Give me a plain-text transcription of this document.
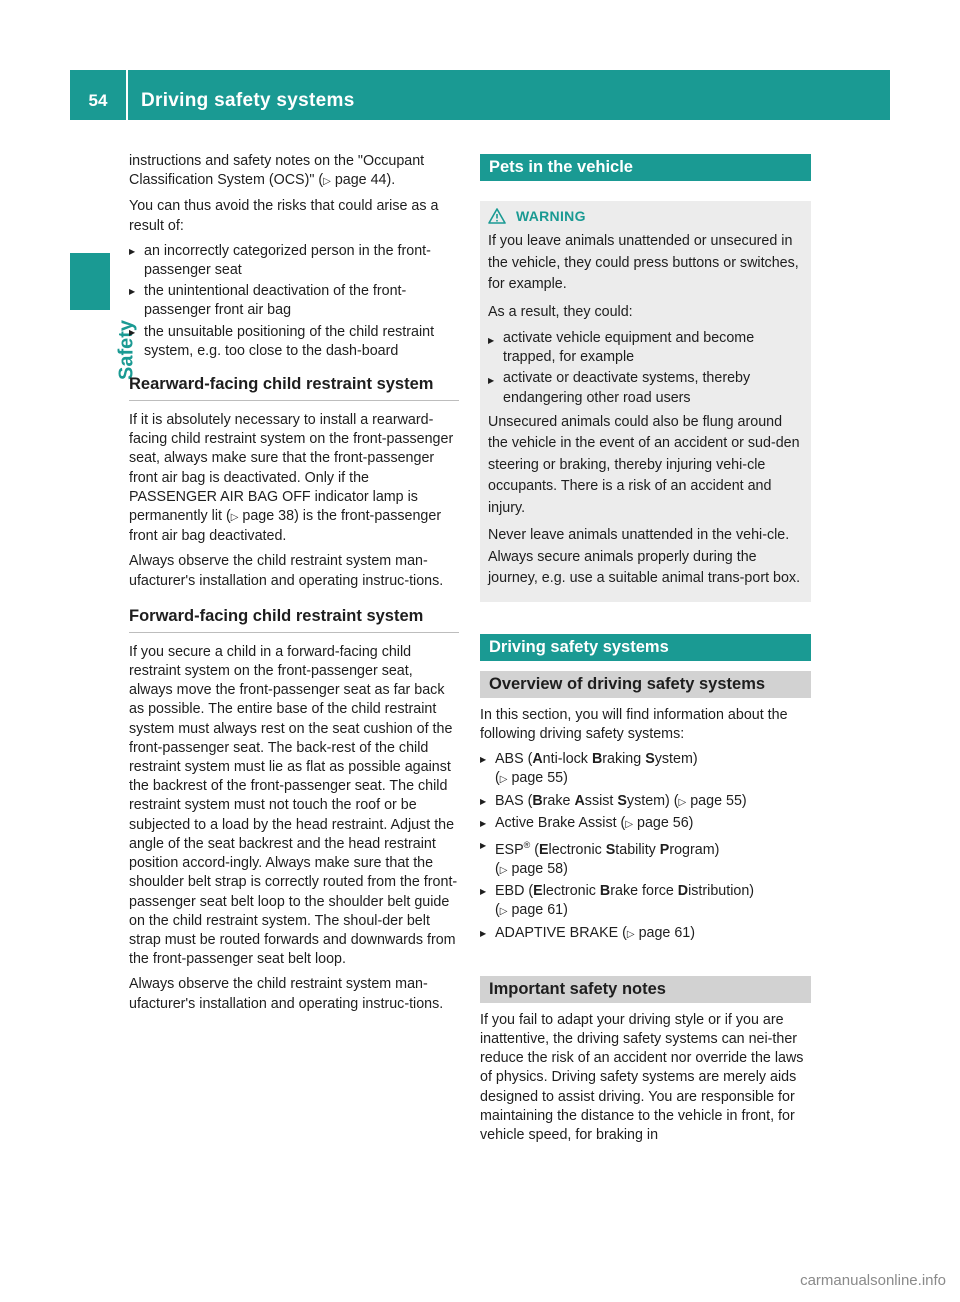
54	Driving safety systems
Safety

instructions and safety notes on the "Occupant Classification System (OCS)" (▷ page 44).

You can thus avoid the risks that could arise as a result of:

▶ an incorrectly categorized person in the front-passenger seat
▶ the unintentional deactivation of the front-passenger front air bag
▶ the unsuitable positioning of the child restraint system, e.g. too close to the dash-board
Rearward-facing child restraint system

If it is absolutely necessary to install a rearward-facing child restraint system on the front-passenger seat, always make sure that the front-passenger front air bag is deactivated. Only if the PASSENGER AIR BAG OFF indicator lamp is permanently lit (▷ page 38) is the front-passenger front air bag deactivated.

Always observe the child restraint system man-ufacturer's installation and operating instruc-tions.

Forward-facing child restraint system

If you secure a child in a forward-facing child restraint system on the front-passenger seat, always move the front-passenger seat as far back as possible. The entire base of the child restraint system must always rest on the seat cushion of the front-passenger seat. The back-rest of the child restraint system must lie as flat as possible against the backrest of the front-passenger seat. The child restraint system must not touch the roof or be subjected to a load by the head restraint. Adjust the angle of the seat backrest and the head restraint position accord-ingly. Always make sure that the shoulder belt strap is correctly routed from the front-passenger seat belt loop to the shoulder belt guide on the child restraint system. The shoul-der belt strap must be routed forwards and downwards from the front-passenger seat belt loop.

Always observe the child restraint system man-ufacturer's installation and operating instruc-tions.

Pets in the vehicle
WARNING

If you leave animals unattended or unsecured in the vehicle, they could press buttons or switches, for example.

As a result, they could:

▶ activate vehicle equipment and become trapped, for example
▶ activate or deactivate systems, thereby endangering other road users

Unsecured animals could also be flung around the vehicle in the event of an accident or sud-den steering or braking, thereby injuring vehi-cle occupants. There is a risk of an accident and injury.

Never leave animals unattended in the vehi-cle. Always secure animals properly during the journey, e.g. use a suitable animal trans-port box.

Driving safety systems
Overview of driving safety systems

In this section, you will find information about the following driving safety systems:

▶ ABS (Anti-lock Braking System)
(▷ page 55)
▶ BAS (Brake Assist System) (▷ page 55)
▶ Active Brake Assist (▷ page 56)
▶ ESP® (Electronic Stability Program)
(▷ page 58)
▶ EBD (Electronic Brake force Distribution)
(▷ page 61)
▶ ADAPTIVE BRAKE (▷ page 61)
Important safety notes

If you fail to adapt your driving style or if you are inattentive, the driving safety systems can nei-ther reduce the risk of an accident nor override the laws of physics. Driving safety systems are merely aids designed to assist driving. You are responsible for maintaining the distance to the vehicle in front, for vehicle speed, for braking in

carmanualsonline.info
